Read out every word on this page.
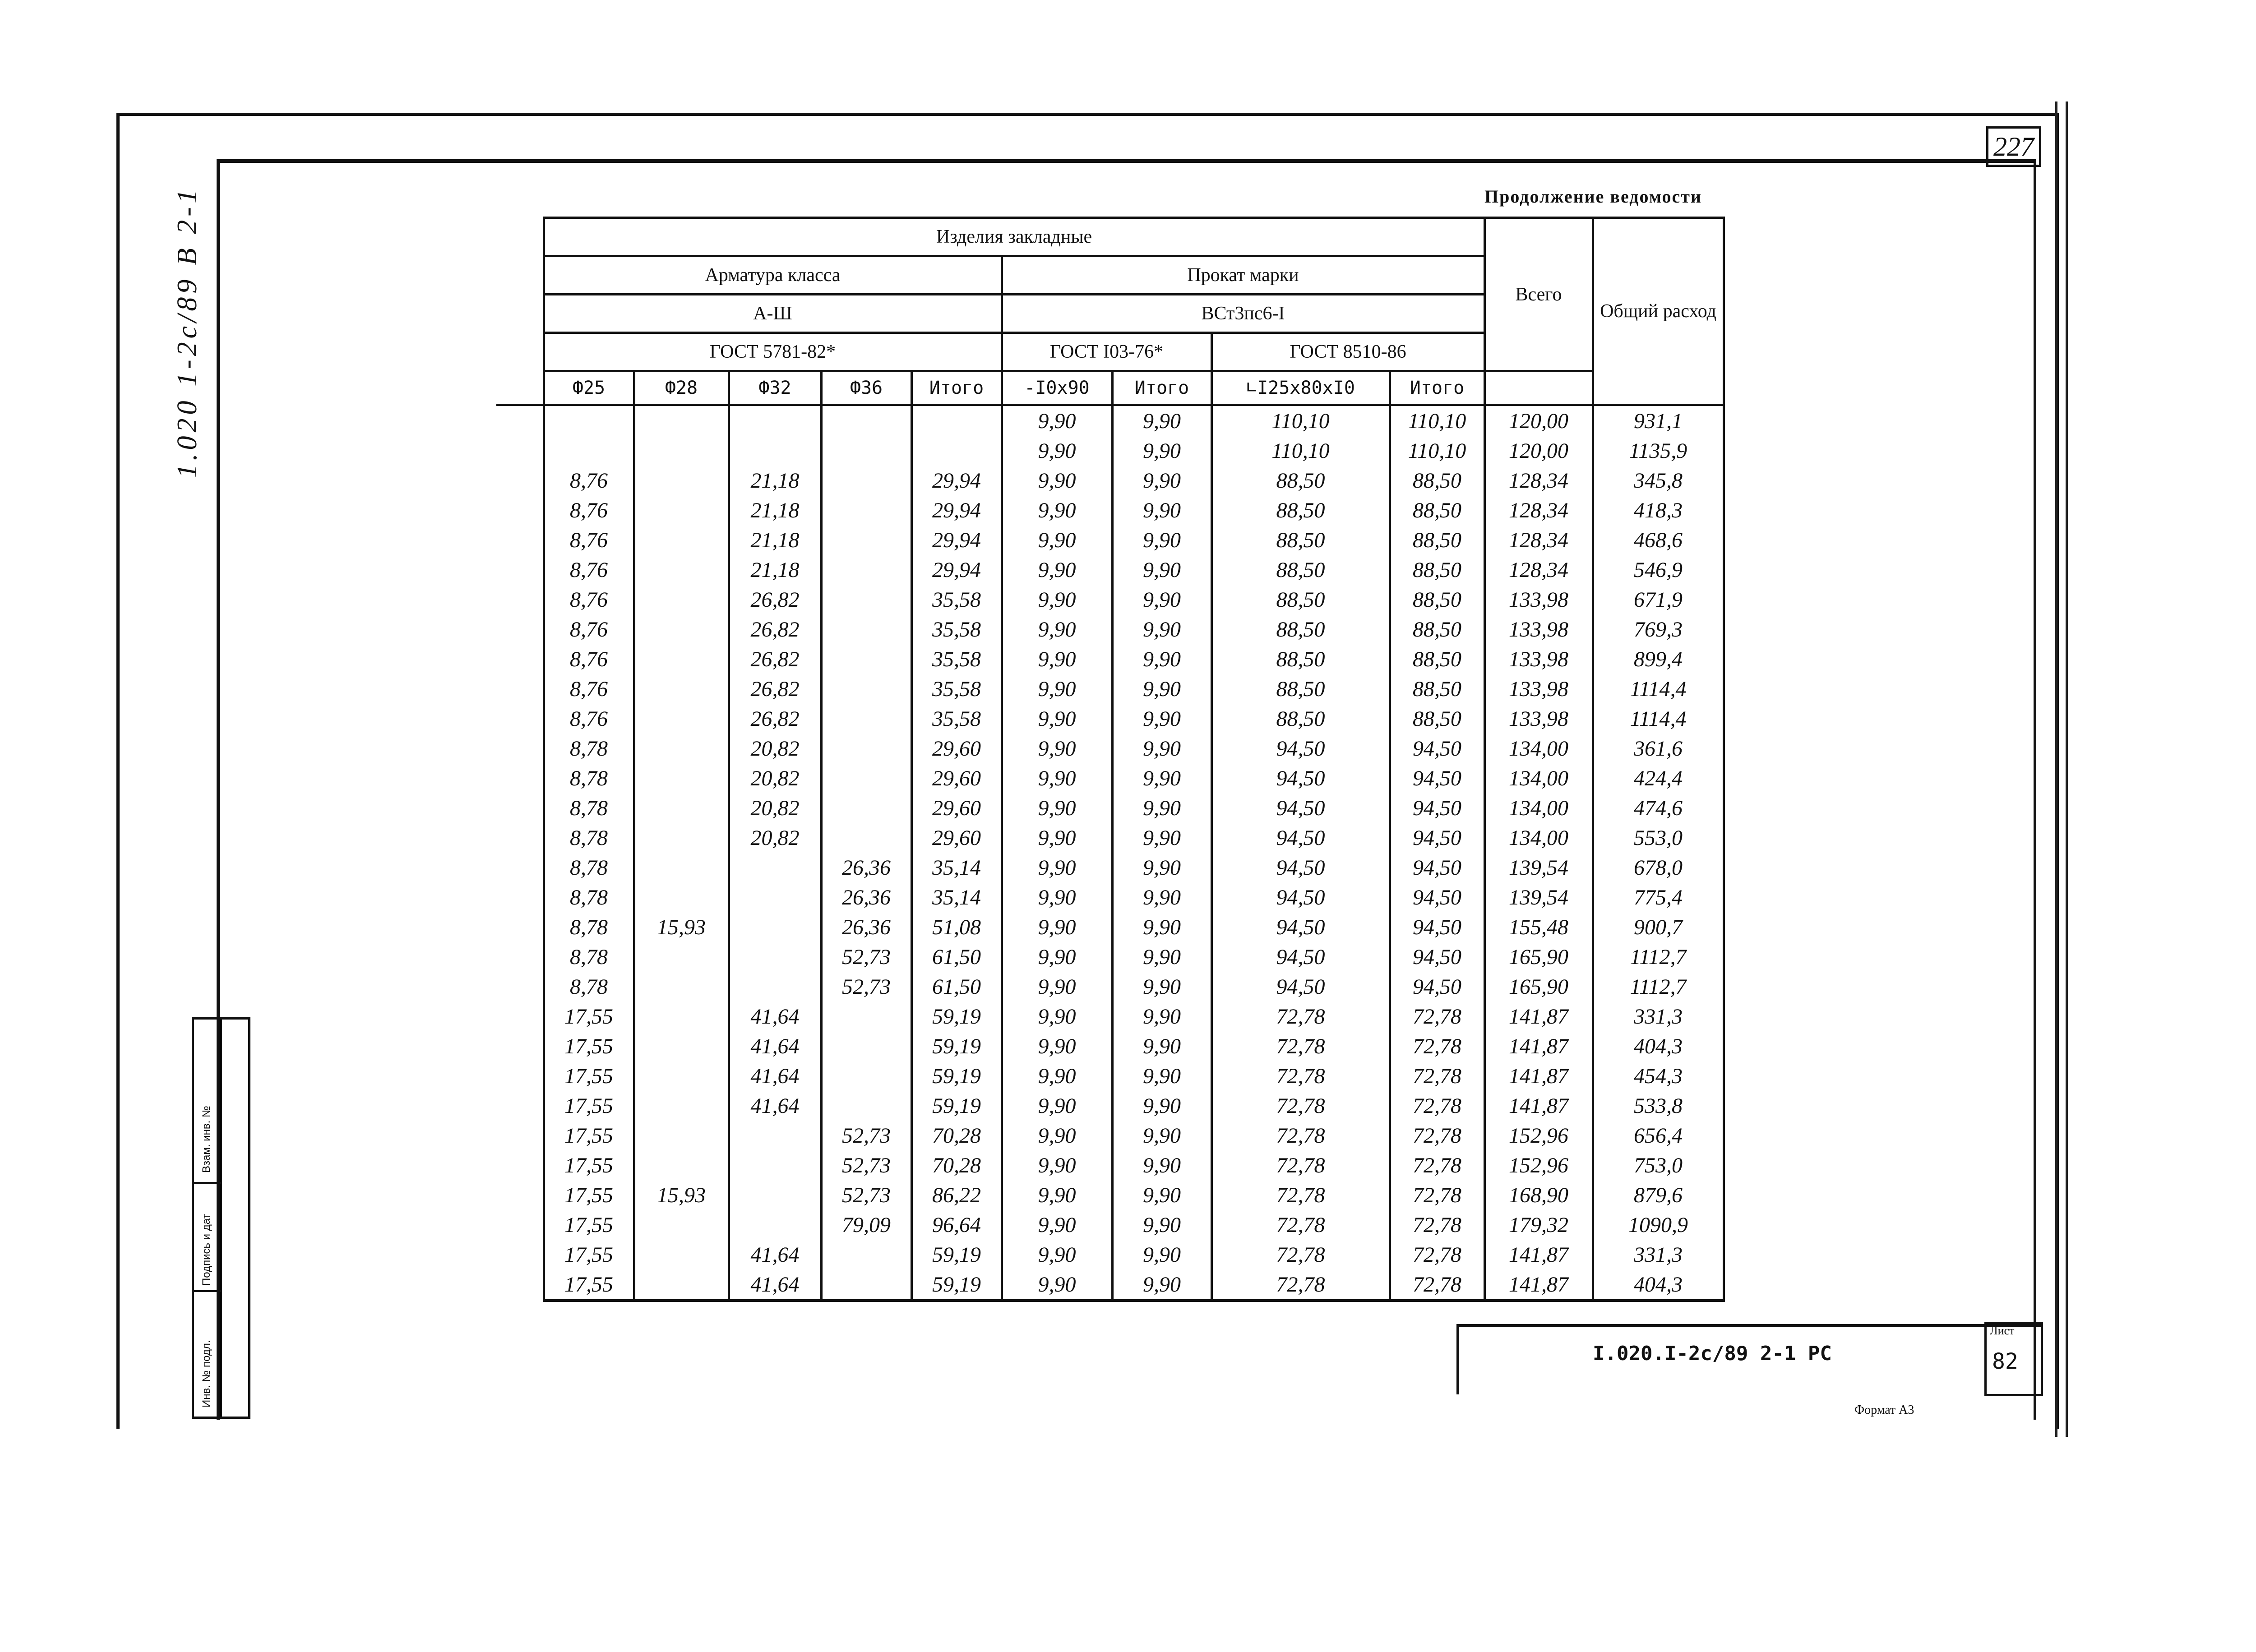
227
Продолжение ведомости
1.020 1-2с/89 В 2-1
Инв. № подл.
Подпись и дат
Взам. инв. №
	Изделия закладные									Всего	Общий расход
	Арматура класса					Прокат марки					
	А-Ш					ВСт3пс6-I					
	ГОСТ 5781-82*					ГОСТ I03-76*		ГОСТ 8510-86			
	Ф25	Ф28	Ф32	Ф36	Итого	-I0x90	Итого	∟I25x80xI0	Итого		
						9,90	9,90	110,10	110,10	120,00	931,1
						9,90	9,90	110,10	110,10	120,00	1135,9
	8,76		21,18		29,94	9,90	9,90	88,50	88,50	128,34	345,8
	8,76		21,18		29,94	9,90	9,90	88,50	88,50	128,34	418,3
	8,76		21,18		29,94	9,90	9,90	88,50	88,50	128,34	468,6
	8,76		21,18		29,94	9,90	9,90	88,50	88,50	128,34	546,9
	8,76		26,82		35,58	9,90	9,90	88,50	88,50	133,98	671,9
	8,76		26,82		35,58	9,90	9,90	88,50	88,50	133,98	769,3
	8,76		26,82		35,58	9,90	9,90	88,50	88,50	133,98	899,4
	8,76		26,82		35,58	9,90	9,90	88,50	88,50	133,98	1114,4
	8,76		26,82		35,58	9,90	9,90	88,50	88,50	133,98	1114,4
	8,78		20,82		29,60	9,90	9,90	94,50	94,50	134,00	361,6
	8,78		20,82		29,60	9,90	9,90	94,50	94,50	134,00	424,4
	8,78		20,82		29,60	9,90	9,90	94,50	94,50	134,00	474,6
	8,78		20,82		29,60	9,90	9,90	94,50	94,50	134,00	553,0
	8,78			26,36	35,14	9,90	9,90	94,50	94,50	139,54	678,0
	8,78			26,36	35,14	9,90	9,90	94,50	94,50	139,54	775,4
	8,78	15,93		26,36	51,08	9,90	9,90	94,50	94,50	155,48	900,7
	8,78			52,73	61,50	9,90	9,90	94,50	94,50	165,90	1112,7
	8,78			52,73	61,50	9,90	9,90	94,50	94,50	165,90	1112,7
	17,55		41,64		59,19	9,90	9,90	72,78	72,78	141,87	331,3
	17,55		41,64		59,19	9,90	9,90	72,78	72,78	141,87	404,3
	17,55		41,64		59,19	9,90	9,90	72,78	72,78	141,87	454,3
	17,55		41,64		59,19	9,90	9,90	72,78	72,78	141,87	533,8
	17,55			52,73	70,28	9,90	9,90	72,78	72,78	152,96	656,4
	17,55			52,73	70,28	9,90	9,90	72,78	72,78	152,96	753,0
	17,55	15,93		52,73	86,22	9,90	9,90	72,78	72,78	168,90	879,6
	17,55			79,09	96,64	9,90	9,90	72,78	72,78	179,32	1090,9
	17,55		41,64		59,19	9,90	9,90	72,78	72,78	141,87	331,3
	17,55		41,64		59,19	9,90	9,90	72,78	72,78	141,87	404,3
I.020.I-2с/89 2-1 РС
Лист
82
Формат А3
